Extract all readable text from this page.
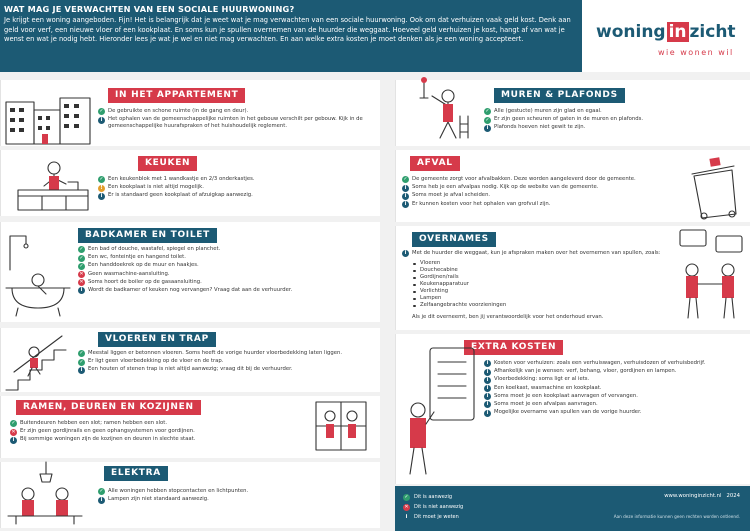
WAT MAG JE VERWACHTEN VAN EEN SOCIALE HUURWONING?
Je krijgt een woning aangeboden. Fijn! Het is belangrijk dat je weet wat je mag verwachten van een sociale huurwoning. Ook om dat verhuizen vaak geld kost. Denk aan geld voor verf, een nieuwe vloer of een kookplaat. En soms kun je spullen overnemen van de huurder die weggaat. Hoeveel geld verhuizen je kost, hangt af van wat je wenst en wat je nodig hebt. Hieronder lees je wat je wel en niet mag verwachten. En aan welke extra kosten je moet denken als je een woning accepteert.	woning in zicht
wie wonen wil
IN HET APPARTEMENT
✓ De gebruikte en schone ruimte (in de gang en deur).
i	Het ophalen van de gemeenschappelijke ruimten in het gebouw verschilt per gebouw. Kijk in de gemeenschappelijke huurafspraken of het huishoudelijk reglement.
KEUKEN
✓ Een keukenblok met 1 wandkastje en 2/3 onderkastjes.
!	Een kookplaat is niet altijd mogelijk.
i	Er is standaard geen kookplaat of afzuigkap aanwezig.
BADKAMER EN TOILET
✓ Een bad of douche, wastafel, spiegel en planchet.
✓ Een wc, fonteintje en hangend toilet.
✓ Een handdoekrek op de muur en haakjes.
✕ Geen wasmachine-aansluiting.
✕ Soms hoort de boiler op de gasaansluiting.
i	Wordt de badkamer of keuken nog vervangen? Vraag dat aan de verhuurder.
VLOEREN EN TRAP
✓ Meestal liggen er betonnen vloeren. Soms heeft de vorige huurder vloerbedekking laten liggen.
✓ Er ligt geen vloerbedekking op de vloer en de trap.
i	Een houten of stenen trap is niet altijd aanwezig; vraag dit bij de verhuurder.
RAMEN, DEUREN EN KOZIJNEN
✓ Buitendeuren hebben een slot; ramen hebben een slot.
✕ Er zijn geen gordijnrails en geen ophangsystemen voor gordijnen.
i	Bij sommige woningen zijn de kozijnen en deuren in slechte staat.
ELEKTRA
✓ Alle woningen hebben stopcontacten en lichtpunten.
i	Lampen zijn niet standaard aanwezig.
MUREN & PLAFONDS
✓ Alle (gestucte) muren zijn glad en egaal.
✓ Er zijn geen scheuren of gaten in de muren en plafonds.
i	Plafonds hoeven niet gewit te zijn.
AFVAL
✓ De gemeente zorgt voor afvalbakken. Deze worden aangeleverd door de gemeente.
i	Soms heb je een afvalpas nodig. Kijk op de website van de gemeente.
i	Soms moet je afval scheiden.
i	Er kunnen kosten voor het ophalen van grofvuil zijn.
OVERNAMES
i	Met de huurder die weggaat, kun je afspraken maken over het overnemen van spullen, zoals:
Vloeren
Douchecabine
Gordijnen/rails
Keukenapparatuur
Verlichting
Lampen
Zelfaangebrachte voorzieningen
Als je dit overneemt, ben jij verantwoordelijk voor het onderhoud ervan.
EXTRA KOSTEN
i	Kosten voor verhuizen: zoals een verhuiswagen, verhuisdozen of verhuisbedrijf.
i	Afhankelijk van je wensen: verf, behang, vloer, gordijnen en lampen.
i	Vloerbedekking: soms ligt er al iets.
i	Een koelkast, wasmachine en kookplaat.
i	Soms moet je een kookplaat aanvragen of vervangen.
i	Soms moet je een afvalpas aanvragen.
i	Mogelijke overname van spullen van de vorige huurder.
✓ Dit is aanwezig
✕ Dit is niet aanwezig
i	Dit moet je weten
www.woninginzicht.nl 2024
Aan deze informatie kunnen geen rechten worden ontleend.
